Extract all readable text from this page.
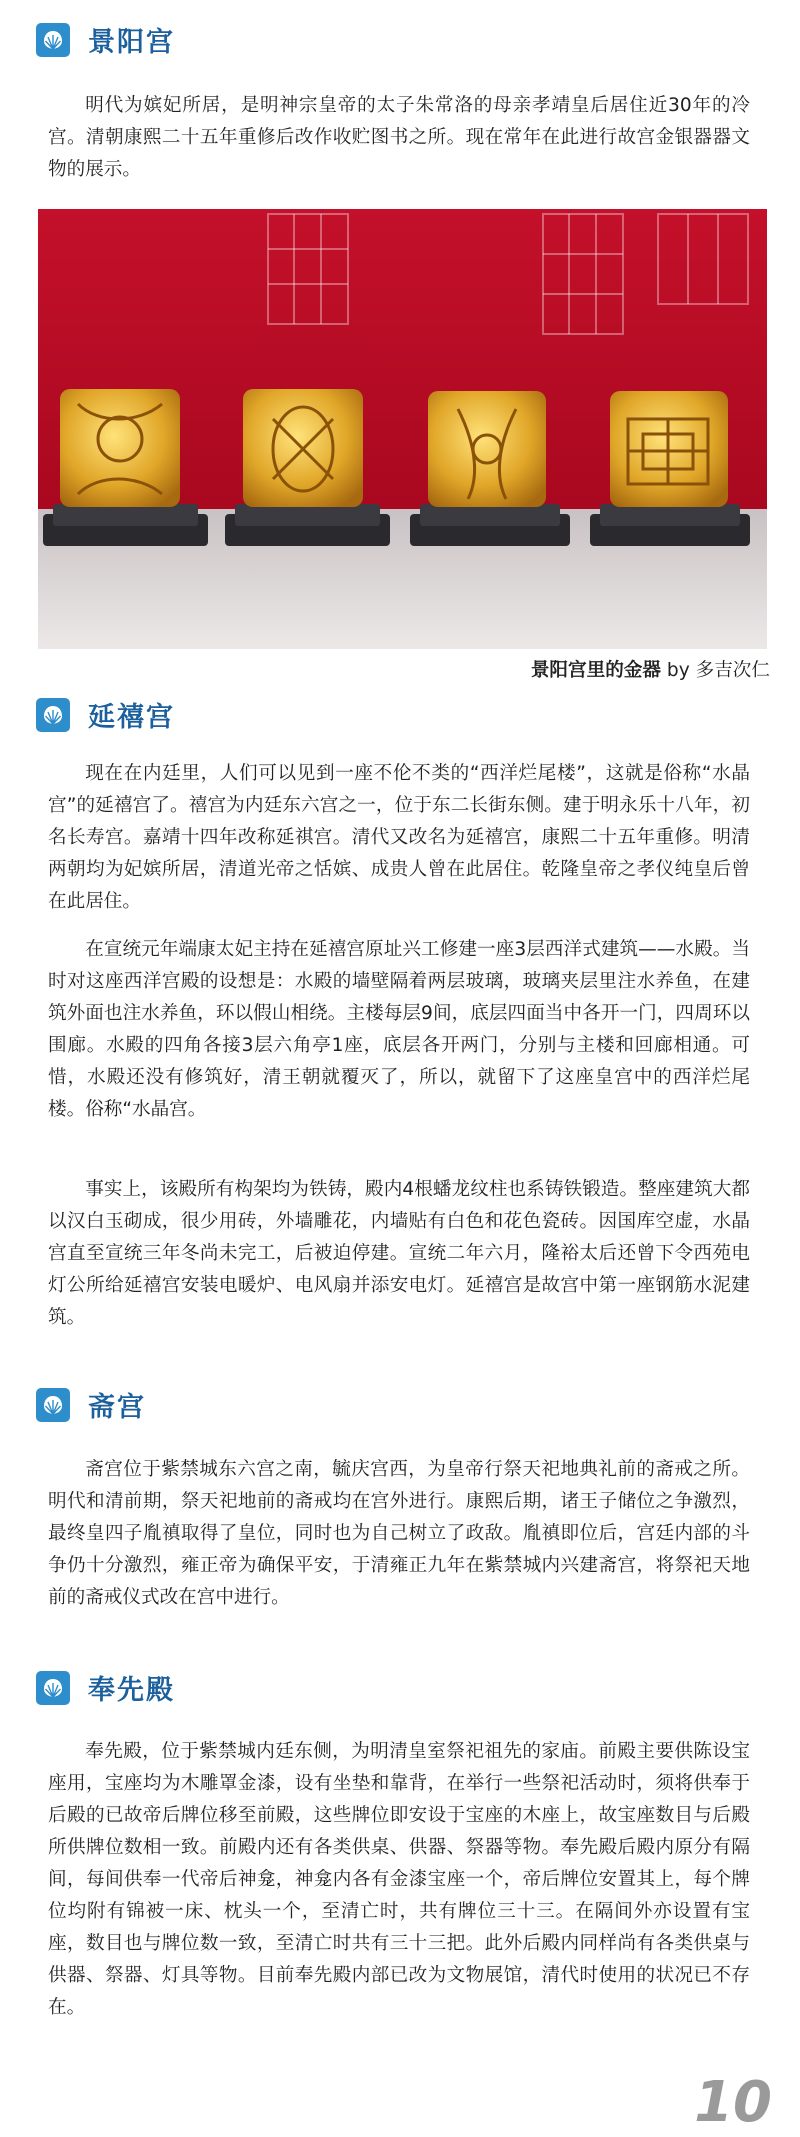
景阳宫

明代为嫔妃所居，是明神宗皇帝的太子朱常洛的母亲孝靖皇后居住近30年的冷宫。清朝康熙二十五年重修后改作收贮图书之所。现在常年在此进行故宫金银器器文物的展示。

景阳宫里的金器 by 多吉次仁
延禧宫

现在在内廷里，人们可以见到一座不伦不类的“西洋烂尾楼”，这就是俗称“水晶宫”的延禧宫了。禧宫为内廷东六宫之一，位于东二长街东侧。建于明永乐十八年，初名长寿宫。嘉靖十四年改称延祺宫。清代又改名为延禧宫，康熙二十五年重修。明清两朝均为妃嫔所居，清道光帝之恬嫔、成贵人曾在此居住。乾隆皇帝之孝仪纯皇后曾在此居住。

在宣统元年端康太妃主持在延禧宫原址兴工修建一座3层西洋式建筑——水殿。当时对这座西洋宫殿的设想是：水殿的墙壁隔着两层玻璃，玻璃夹层里注水养鱼，在建筑外面也注水养鱼，环以假山相绕。主楼每层9间，底层四面当中各开一门，四周环以围廊。水殿的四角各接3层六角亭1座，底层各开两门，分别与主楼和回廊相通。可惜，水殿还没有修筑好，清王朝就覆灭了，所以，就留下了这座皇宫中的西洋烂尾楼。俗称“水晶宫。

事实上，该殿所有构架均为铁铸，殿内4根蟠龙纹柱也系铸铁锻造。整座建筑大都以汉白玉砌成，很少用砖，外墙雕花，内墙贴有白色和花色瓷砖。因国库空虚，水晶宫直至宣统三年冬尚未完工，后被迫停建。宣统二年六月，隆裕太后还曾下令西苑电灯公所给延禧宫安装电暖炉、电风扇并添安电灯。延禧宫是故宫中第一座钢筋水泥建筑。

斋宫

斋宫位于紫禁城东六宫之南，毓庆宫西，为皇帝行祭天祀地典礼前的斋戒之所。明代和清前期，祭天祀地前的斋戒均在宫外进行。康熙后期，诸王子储位之争激烈，最终皇四子胤禛取得了皇位，同时也为自己树立了政敌。胤禛即位后，宫廷内部的斗争仍十分激烈，雍正帝为确保平安，于清雍正九年在紫禁城内兴建斋宫，将祭祀天地前的斋戒仪式改在宫中进行。

奉先殿

奉先殿，位于紫禁城内廷东侧，为明清皇室祭祀祖先的家庙。前殿主要供陈设宝座用，宝座均为木雕罩金漆，设有坐垫和靠背，在举行一些祭祀活动时，须将供奉于后殿的已故帝后牌位移至前殿，这些牌位即安设于宝座的木座上，故宝座数目与后殿所供牌位数相一致。前殿内还有各类供桌、供器、祭器等物。奉先殿后殿内原分有隔间，每间供奉一代帝后神龛，神龛内各有金漆宝座一个，帝后牌位安置其上，每个牌位均附有锦被一床、枕头一个，至清亡时，共有牌位三十三。在隔间外亦设置有宝座，数目也与牌位数一致，至清亡时共有三十三把。此外后殿内同样尚有各类供桌与供器、祭器、灯具等物。目前奉先殿内部已改为文物展馆，清代时使用的状况已不存在。

10
